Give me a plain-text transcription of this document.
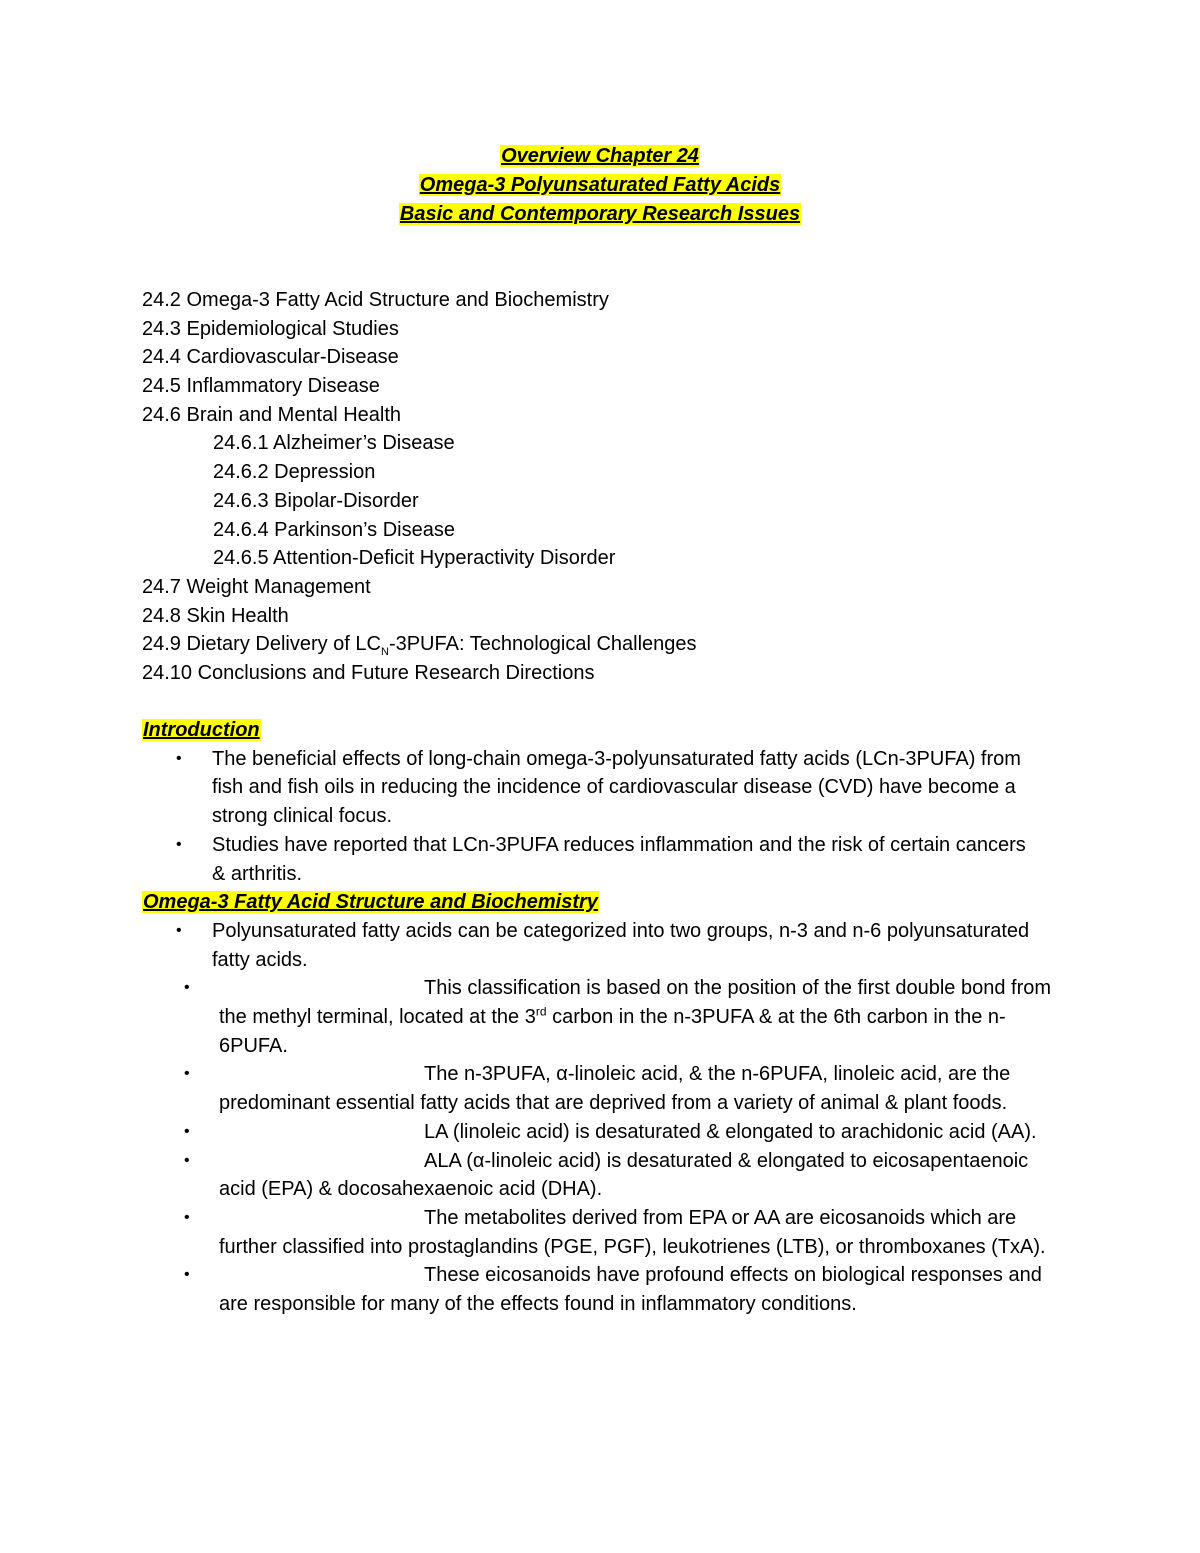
Overview Chapter 24
Omega-3 Polyunsaturated Fatty Acids
Basic and Contemporary Research Issues
24.2 Omega-3 Fatty Acid Structure and Biochemistry
24.3 Epidemiological Studies
24.4 Cardiovascular-Disease
24.5 Inflammatory Disease
24.6 Brain and Mental Health
24.6.1 Alzheimer’s Disease
24.6.2 Depression
24.6.3 Bipolar-Disorder
24.6.4 Parkinson’s Disease
24.6.5 Attention-Deficit Hyperactivity Disorder
24.7 Weight Management
24.8 Skin Health
24.9 Dietary Delivery of $LC_N-3PUFA$: Technological Challenges
24.10 Conclusions and Future Research Directions
Introduction
• The beneficial effects of long-chain omega-3-polyunsaturated fatty acids (LCn-3PUFA) from fish and fish oils in reducing the incidence of cardiovascular disease (CVD) have become a strong clinical focus.
• Studies have reported that LCn-3PUFA reduces inflammation and the risk of certain cancers & arthritis.
Omega-3 Fatty Acid Structure and Biochemistry
• Polyunsaturated fatty acids can be categorized into two groups, n-3 and n-6 polyunsaturated fatty acids.
•	This classification is based on the position of the first double bond from the methyl terminal, located at the 3rd carbon in the n-3PUFA & at the 6th carbon in the n-6PUFA.
•	The n-3PUFA, α-linoleic acid, & the n-6PUFA, linoleic acid, are the predominant essential fatty acids that are deprived from a variety of animal & plant foods.
•	LA (linoleic acid) is desaturated & elongated to arachidonic acid (AA).
•	ALA (α-linoleic acid) is desaturated & elongated to eicosapentaenoic acid (EPA) & docosahexaenoic acid (DHA).
•	The metabolites derived from EPA or AA are eicosanoids which are further classified into prostaglandins (PGE, PGF), leukotrienes (LTB), or thromboxanes (TxA).
•	These eicosanoids have profound effects on biological responses and are responsible for many of the effects found in inflammatory conditions.
